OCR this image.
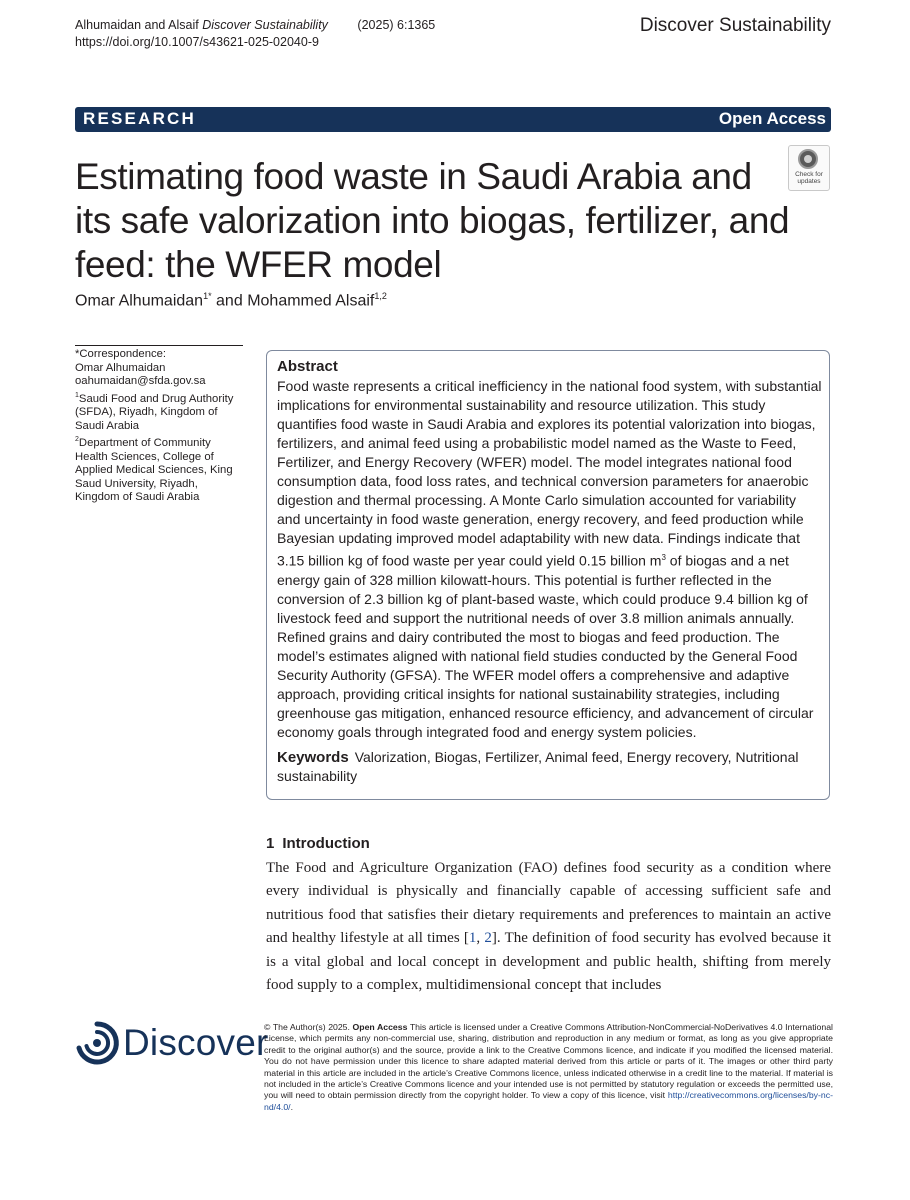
Alhumaidan and Alsaif Discover Sustainability (2025) 6:1365
https://doi.org/10.1007/s43621-025-02040-9
Discover Sustainability
RESEARCH	Open Access
Check for
updates
Estimating food waste in Saudi Arabia and its safe valorization into biogas, fertilizer, and feed: the WFER model
Omar Alhumaidan$^{1*}$ and Mohammed Alsaif$^{1,2}$

*Correspondence:

Omar Alhumaidan

oahumaidan@sfda.gov.sa

$^1$Saudi Food and Drug Authority (SFDA), Riyadh, Kingdom of Saudi Arabia

$^2$Department of Community Health Sciences, College of Applied Medical Sciences, King Saud University, Riyadh, Kingdom of Saudi Arabia

Abstract

Food waste represents a critical inefficiency in the national food system, with substantial implications for environmental sustainability and resource utilization. This study quantifies food waste in Saudi Arabia and explores its potential valorization into biogas, fertilizers, and animal feed using a probabilistic model named as the Waste to Feed, Fertilizer, and Energy Recovery (WFER) model. The model integrates national food consumption data, food loss rates, and technical conversion parameters for anaerobic digestion and thermal processing. A Monte Carlo simulation accounted for variability and uncertainty in food waste generation, energy recovery, and feed production while Bayesian updating improved model adaptability with new data. Findings indicate that 3.15 billion kg of food waste per year could yield 0.15 billion $m^3$ of biogas and a net energy gain of 328 million kilowatt-hours. This potential is further reflected in the conversion of 2.3 billion kg of plant-based waste, which could produce 9.4 billion kg of livestock feed and support the nutritional needs of over 3.8 million animals annually. Refined grains and dairy contributed the most to biogas and feed production. The model’s estimates aligned with national field studies conducted by the General Food Security Authority (GFSA). The WFER model offers a comprehensive and adaptive approach, providing critical insights for national sustainability strategies, including greenhouse gas mitigation, enhanced resource efficiency, and advancement of circular economy goals through integrated food and energy system policies.

Keywords Valorization, Biogas, Fertilizer, Animal feed, Energy recovery, Nutritional sustainability
1 Introduction

The Food and Agriculture Organization (FAO) defines food security as a condition where every individual is physically and financially capable of accessing sufficient safe and nutritious food that satisfies their dietary requirements and preferences to maintain an active and healthy lifestyle at all times [1, 2]. The definition of food security has evolved because it is a vital global and local concept in development and public health, shifting from merely food supply to a complex, multidimensional concept that includes

Discover
© The Author(s) 2025. Open Access This article is licensed under a Creative Commons Attribution-NonCommercial-NoDerivatives 4.0 International License, which permits any non-commercial use, sharing, distribution and reproduction in any medium or format, as long as you give appropriate credit to the original author(s) and the source, provide a link to the Creative Commons licence, and indicate if you modified the licensed material. You do not have permission under this licence to share adapted material derived from this article or parts of it. The images or other third party material in this article are included in the article’s Creative Commons licence, unless indicated otherwise in a credit line to the material. If material is not included in the article’s Creative Commons licence and your intended use is not permitted by statutory regulation or exceeds the permitted use, you will need to obtain permission directly from the copyright holder. To view a copy of this licence, visit http://creativecommons.org/licenses/by-nc-nd/4.0/.
